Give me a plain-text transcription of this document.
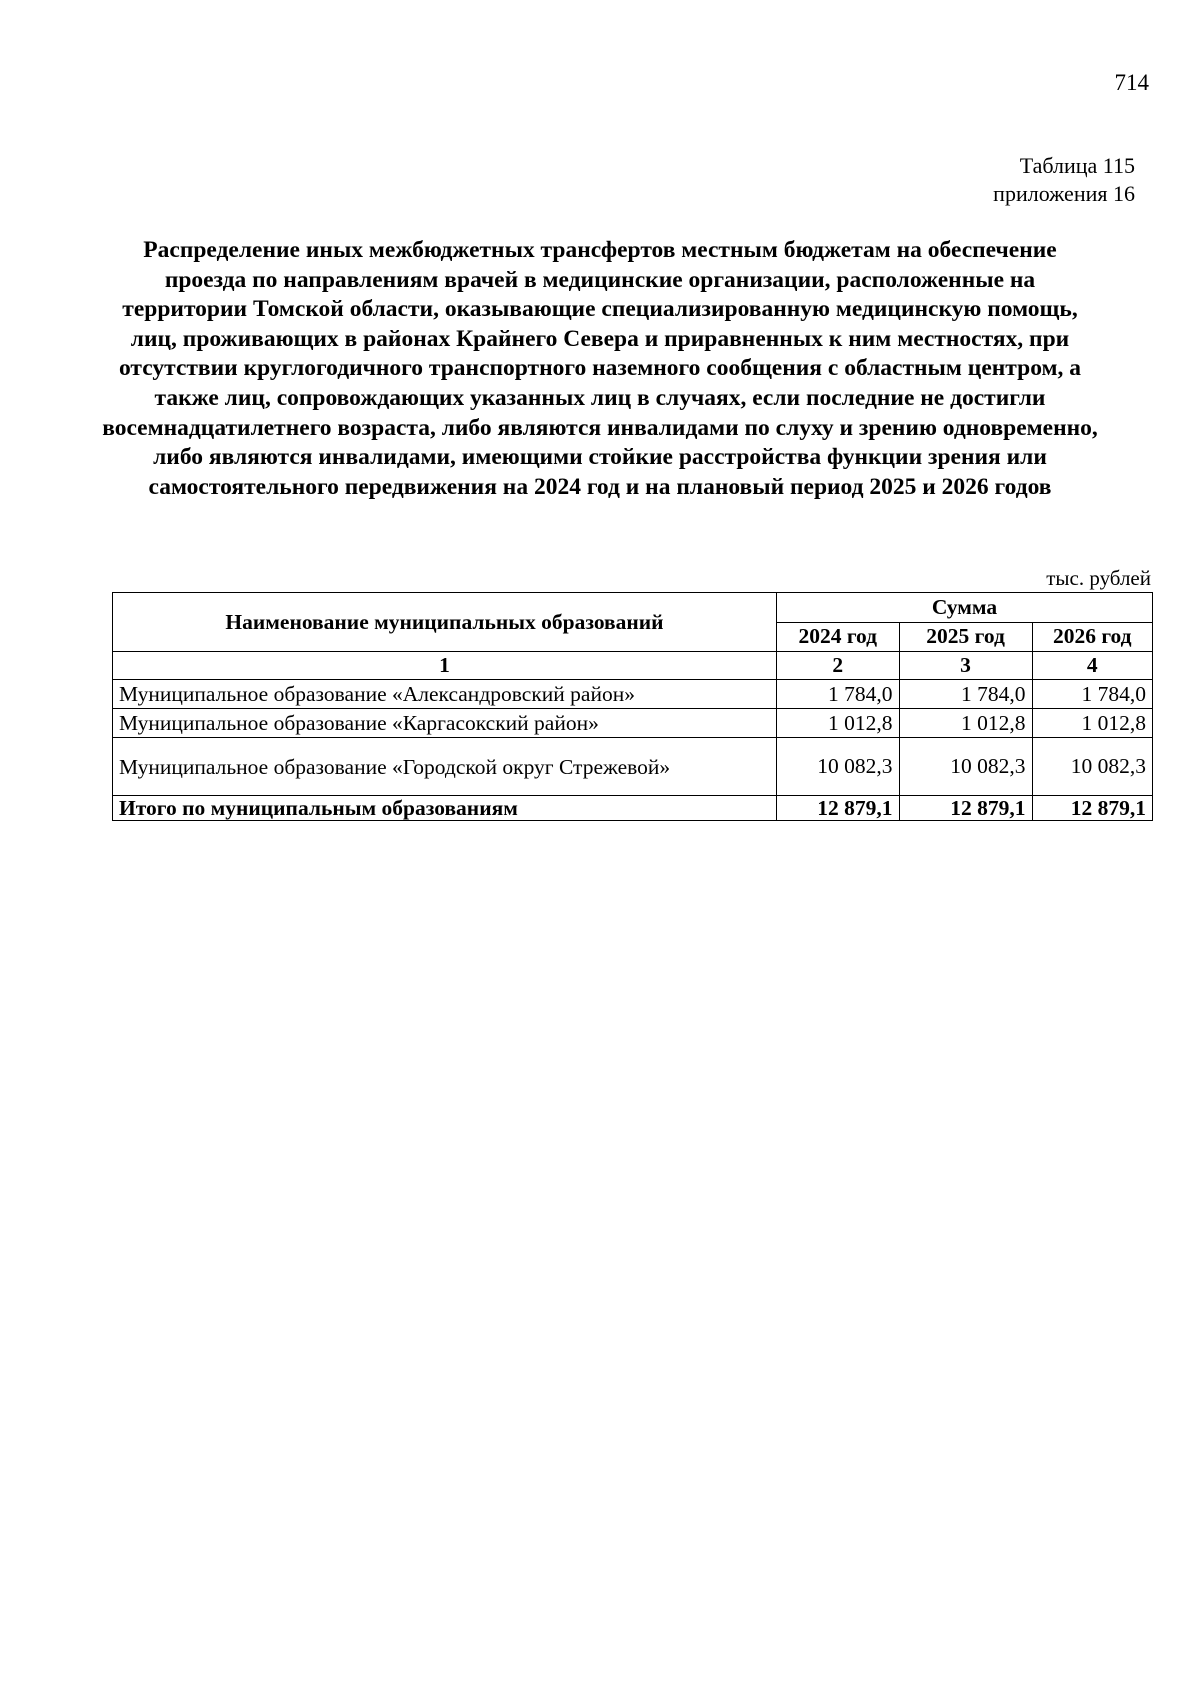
714
Таблица 115
приложения 16

Распределение иных межбюджетных трансфертов местным бюджетам на обеспечение проезда по направлениям врачей в медицинские организации, расположенные на территории Томской области, оказывающие специализированную медицинскую помощь, лиц, проживающих в районах Крайнего Севера и приравненных к ним местностях, при отсутствии круглогодичного транспортного наземного сообщения с областным центром, а также лиц, сопровождающих указанных лиц в случаях, если последние не достигли восемнадцатилетнего возраста, либо являются инвалидами по слуху и зрению одновременно, либо являются инвалидами, имеющими стойкие расстройства функции зрения или самостоятельного передвижения на 2024 год и на плановый период 2025 и 2026 годов

тыс. рублей
Наименование муниципальных образований	Сумма		
	2024 год	2025 год	2026 год
1	2	3	4
Муниципальное образование «Александровский район»	1 784,0	1 784,0	1 784,0
Муниципальное образование «Каргасокский район»	1 012,8	1 012,8	1 012,8
Муниципальное образование «Городской округ Стрежевой»	10 082,3	10 082,3	10 082,3
Итого по муниципальным образованиям	12 879,1	12 879,1	12 879,1
